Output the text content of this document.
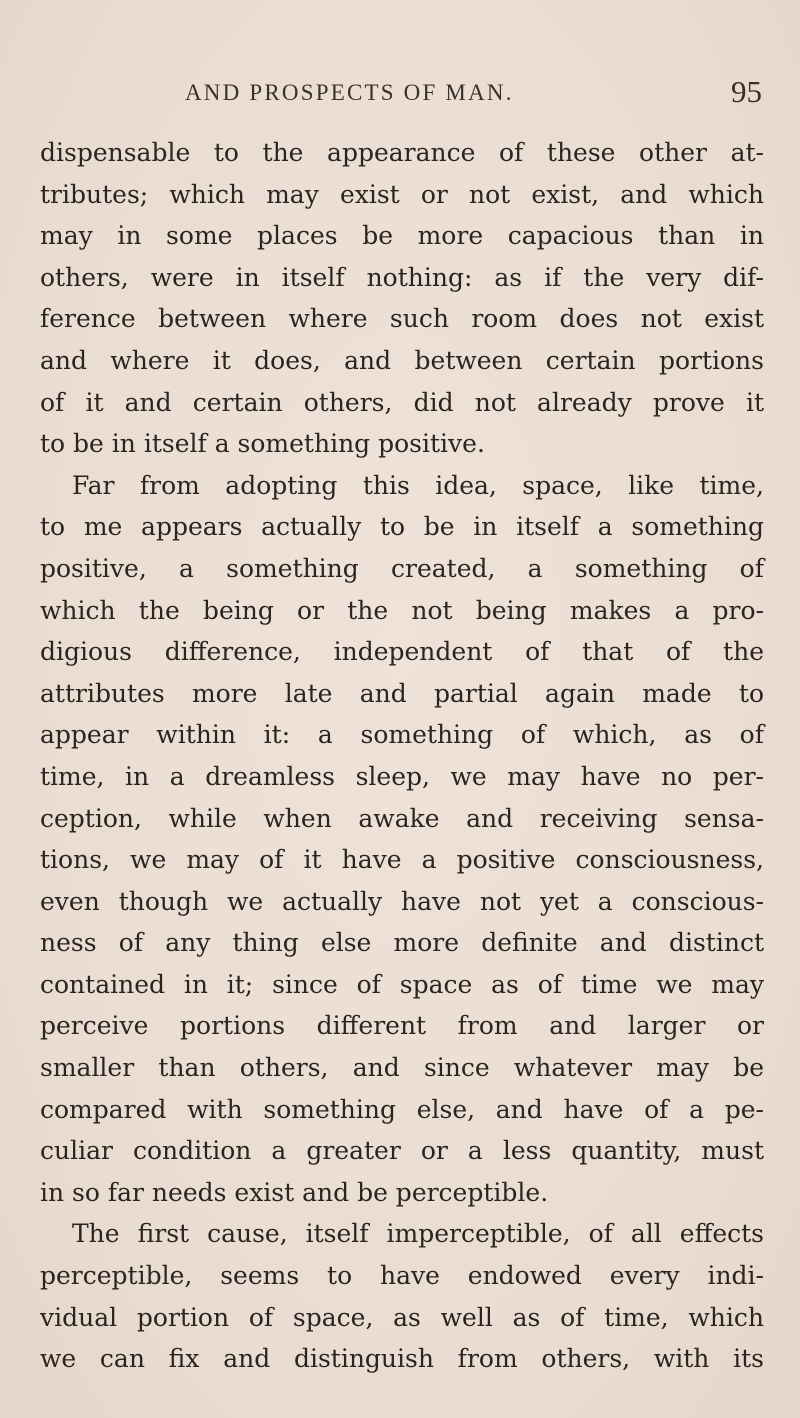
AND PROSPECTS OF MAN.	95
dispensable to the appearance of these other at-
tributes; which may exist or not exist, and which
may in some places be more capacious than in
others, were in itself nothing: as if the very dif-
ference between where such room does not exist
and where it does, and between certain portions
of it and certain others, did not already prove it
to be in itself a something positive.
Far from adopting this idea, space, like time,
to me appears actually to be in itself a something
positive, a something created, a something of
which the being or the not being makes a pro-
digious difference, independent of that of the
attributes more late and partial again made to
appear within it: a something of which, as of
time, in a dreamless sleep, we may have no per-
ception, while when awake and receiving sensa-
tions, we may of it have a positive consciousness,
even though we actually have not yet a conscious-
ness of any thing else more definite and distinct
contained in it; since of space as of time we may
perceive portions different from and larger or
smaller than others, and since whatever may be
compared with something else, and have of a pe-
culiar condition a greater or a less quantity, must
in so far needs exist and be perceptible.
The first cause, itself imperceptible, of all effects
perceptible, seems to have endowed every indi-
vidual portion of space, as well as of time, which
we can fix and distinguish from others, with its
